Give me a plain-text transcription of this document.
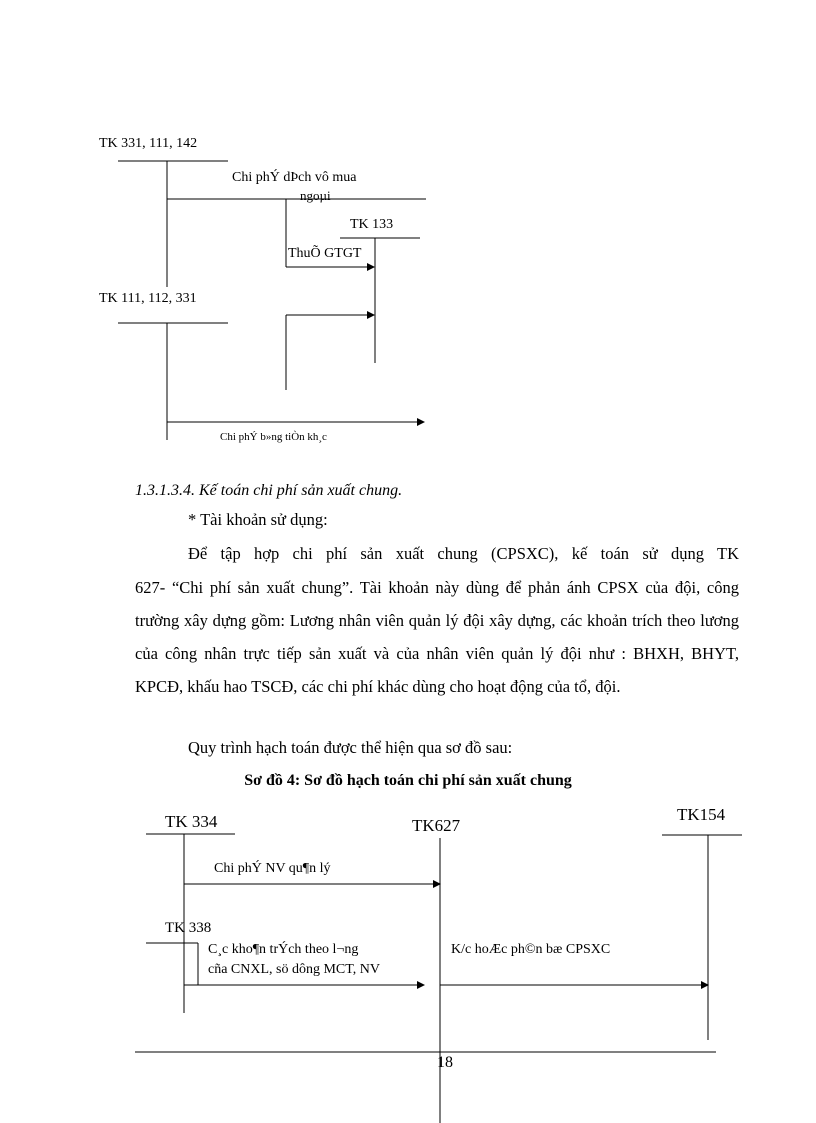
TK 331, 111, 142
Chi phÝ dÞch vô mua
ngoµi
TK 133
ThuÕ GTGT
TK 111, 112, 331
Chi phÝ b»ng tiÒn kh¸c
1.3.1.3.4. Kế toán chi phí sản xuất chung.
* Tài khoản sử dụng:
Để tập hợp chi phí sản xuất chung (CPSXC), kế toán sử dụng TK
627- “Chi phí sản xuất chung”. Tài khoản này dùng để phản ánh CPSX của đội, công trường xây dựng gồm: Lương nhân viên quản lý đội xây dựng, các khoản trích theo lương của công nhân trực tiếp sản xuất và của nhân viên quản lý đội như : BHXH, BHYT, KPCĐ, khấu hao TSCĐ, các chi phí khác dùng cho hoạt động của tổ, đội.
Quy trình hạch toán được thể hiện qua sơ đồ sau:
Sơ đồ 4: Sơ đồ hạch toán chi phí sản xuất chung
TK 334	TK627
TK154
Chi phÝ NV qu¶n lý
TK 338
C¸c kho¶n trÝch theo l¬ng
cña CNXL, sö dông MCT, NV
K/c hoÆc ph©n bæ CPSXC
18
